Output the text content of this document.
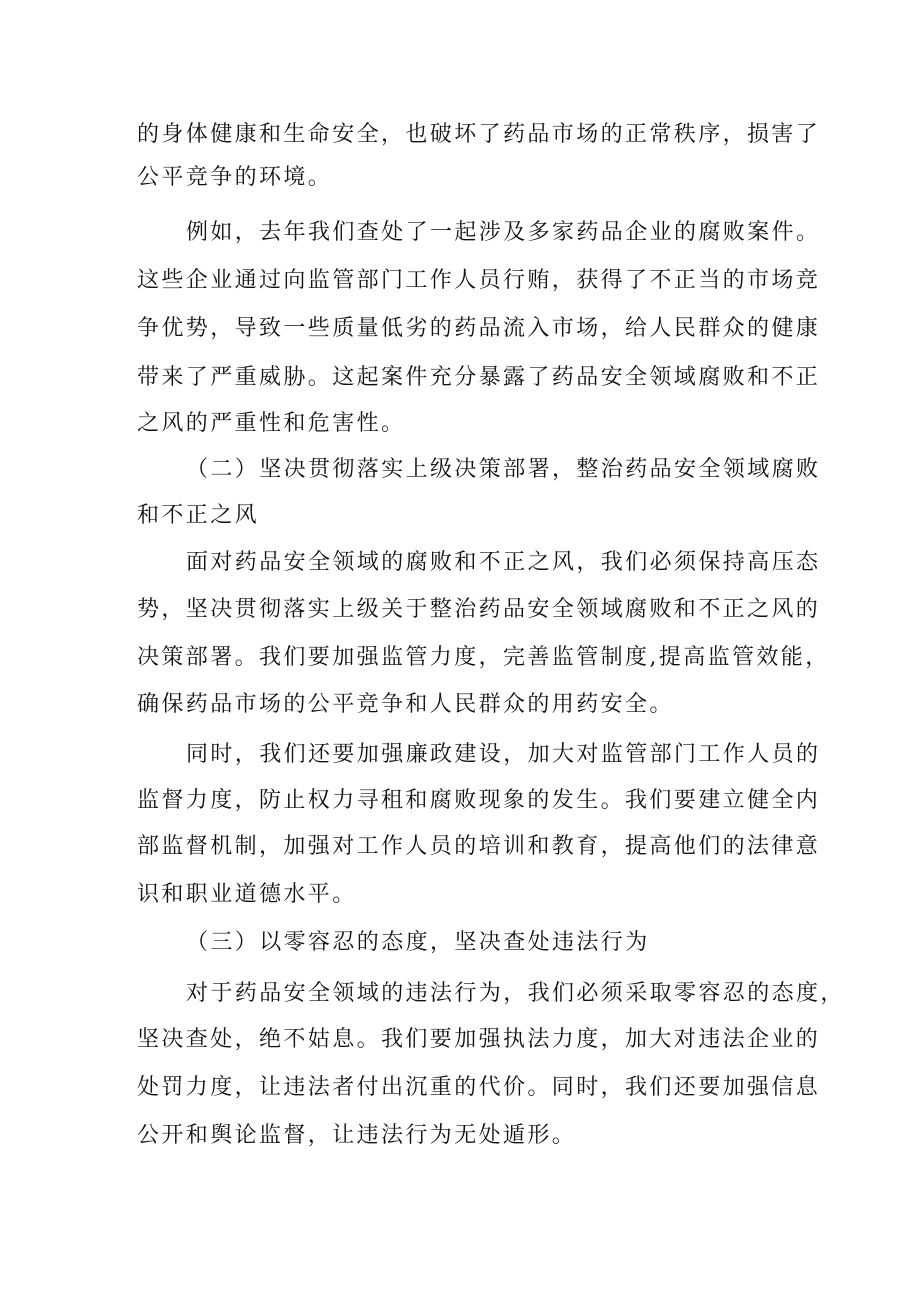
的身体健康和生命安全，也破坏了药品市场的正常秩序，损害了
公平竞争的环境。
例如，去年我们查处了一起涉及多家药品企业的腐败案件。
这些企业通过向监管部门工作人员行贿，获得了不正当的市场竞
争优势，导致一些质量低劣的药品流入市场，给人民群众的健康
带来了严重威胁。这起案件充分暴露了药品安全领域腐败和不正
之风的严重性和危害性。
（二）坚决贯彻落实上级决策部署，整治药品安全领域腐败
和不正之风
面对药品安全领域的腐败和不正之风，我们必须保持高压态
势，坚决贯彻落实上级关于整治药品安全领域腐败和不正之风的
决策部署。我们要加强监管力度，完善监管制度,提高监管效能，
确保药品市场的公平竞争和人民群众的用药安全。
同时，我们还要加强廉政建设，加大对监管部门工作人员的
监督力度，防止权力寻租和腐败现象的发生。我们要建立健全内
部监督机制，加强对工作人员的培训和教育，提高他们的法律意
识和职业道德水平。
（三）以零容忍的态度，坚决查处违法行为
对于药品安全领域的违法行为，我们必须采取零容忍的态度，
坚决查处，绝不姑息。我们要加强执法力度，加大对违法企业的
处罚力度，让违法者付出沉重的代价。同时，我们还要加强信息
公开和舆论监督，让违法行为无处遁形。
